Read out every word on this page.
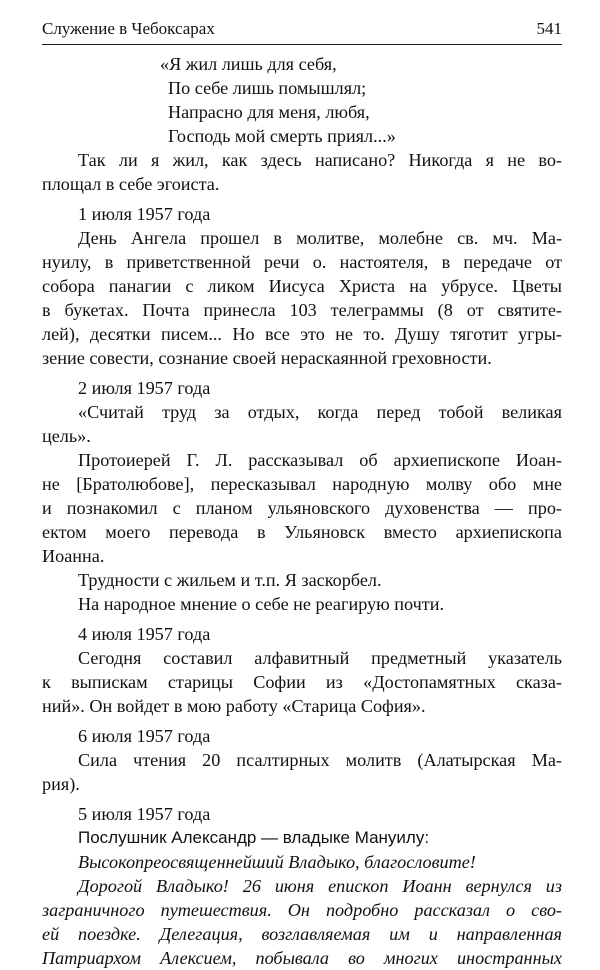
Служение в Чебоксарах	541
«Я жил лишь для себя,
По себе лишь помышлял;
Напрасно для меня, любя,
Господь мой смерть приял...»
Так ли я жил, как здесь написано? Никогда я не во-
площал в себе эгоиста.
1 июля 1957 года
День Ангела прошел в молитве, молебне св. мч. Ма-
нуилу, в приветственной речи о. настоятеля, в передаче от
собора панагии с ликом Иисуса Христа на убрусе. Цветы
в букетах. Почта принесла 103 телеграммы (8 от святите-
лей), десятки писем... Но все это не то. Душу тяготит угры-
зение совести, сознание своей нераскаянной греховности.
2 июля 1957 года
«Считай труд за отдых, когда перед тобой великая
цель».
Протоиерей Г. Л. рассказывал об архиепископе Иоан-
не [Братолюбове], пересказывал народную молву обо мне
и познакомил с планом ульяновского духовенства — про-
ектом моего перевода в Ульяновск вместо архиепископа
Иоанна.
Трудности с жильем и т.п. Я заскорбел.
На народное мнение о себе не реагирую почти.
4 июля 1957 года
Сегодня составил алфавитный предметный указатель
к выпискам старицы Софии из «Достопамятных сказа-
ний». Он войдет в мою работу «Старица София».
6 июля 1957 года
Сила чтения 20 псалтирных молитв (Алатырская Ма-
рия).
5 июля 1957 года
Послушник Александр — владыке Мануилу:
Высокопреосвященнейший Владыко, благословите!
Дорогой Владыко! 26 июня епископ Иоанн вернулся из
заграничного путешествия. Он подробно рассказал о сво-
ей поездке. Делегация, возглавляемая им и направленная
Патриархом Алексием, побывала во многих иностранных
